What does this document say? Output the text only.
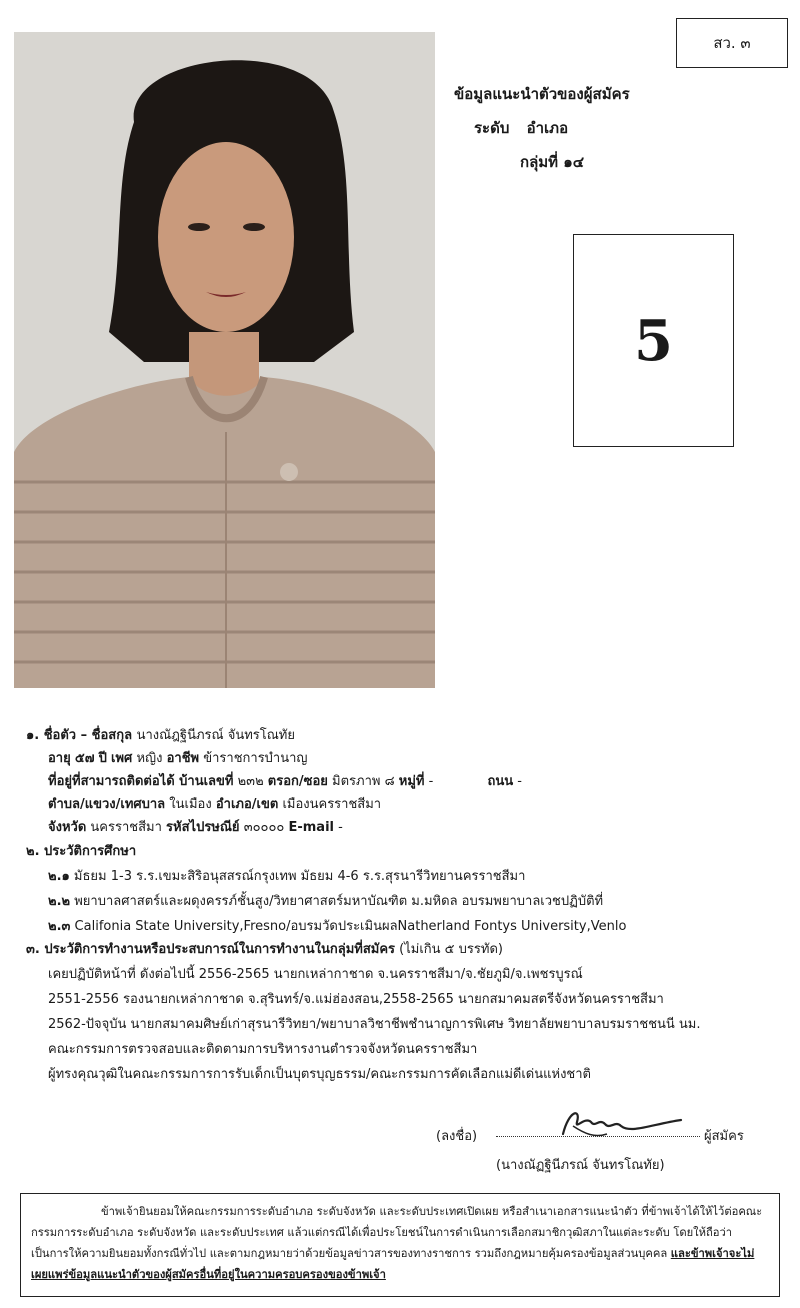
สว. ๓
ข้อมูลแนะนำตัวของผู้สมัคร
ระดับ อำเภอ
กลุ่มที่ ๑๔
5
๑. ชื่อตัว – ชื่อสกุล นางณัฎฐินีภรณ์ จันทรโณทัย
อายุ ๕๗ ปี เพศ หญิง อาชีพ ข้าราชการบำนาญ
ที่อยู่ที่สามารถติดต่อได้ บ้านเลขที่ ๒๓๒ ตรอก/ซอย มิตรภาพ ๘ หมู่ที่ -	ถนน -
ตำบล/แขวง/เทศบาล ในเมือง อำเภอ/เขต เมืองนครราชสีมา
จังหวัด นครราชสีมา รหัสไปรษณีย์ ๓๐๐๐๐ E-mail -
๒. ประวัติการศึกษา
๒.๑ มัธยม 1-3 ร.ร.เขมะสิริอนุสสรณ์กรุงเทพ มัธยม 4-6 ร.ร.สุรนารีวิทยานครราชสีมา
๒.๒ พยาบาลศาสตร์และผดุงครรภ์ชั้นสูง/วิทยาศาสตร์มหาบัณฑิต ม.มหิดล อบรมพยาบาลเวชปฏิบัติที่
๒.๓ Califonia State University,Fresno/อบรมวัดประเมินผลNatherland Fontys University,Venlo
๓. ประวัติการทำงานหรือประสบการณ์ในการทำงานในกลุ่มที่สมัคร (ไม่เกิน ๕ บรรทัด)
เคยปฏิบัติหน้าที่ ดังต่อไปนี้ 2556-2565 นายกเหล่ากาชาด จ.นครราชสีมา/จ.ชัยภูมิ/จ.เพชรบูรณ์
2551-2556 รองนายกเหล่ากาชาด จ.สุรินทร์/จ.แม่ฮ่องสอน,2558-2565 นายกสมาคมสตรีจังหวัดนครราชสีมา
2562-ปัจจุบัน นายกสมาคมศิษย์เก่าสุรนารีวิทยา/พยาบาลวิชาชีพชำนาญการพิเศษ วิทยาลัยพยาบาลบรมราชชนนี นม.
คณะกรรมการตรวจสอบและติดตามการบริหารงานตำรวจจังหวัดนครราชสีมา
ผู้ทรงคุณวุฒิในคณะกรรมการการรับเด็กเป็นบุตรบุญธรรม/คณะกรรมการคัดเลือกแม่ดีเด่นแห่งชาติ
(ลงชื่อ)	ผู้สมัคร
(นางณัฏฐินีภรณ์ จันทรโณทัย)

ข้าพเจ้ายินยอมให้คณะกรรมการระดับอำเภอ ระดับจังหวัด และระดับประเทศเปิดเผย หรือสำเนาเอกสารแนะนำตัว ที่ข้าพเจ้าได้ให้ไว้ต่อคณะกรรมการระดับอำเภอ ระดับจังหวัด และระดับประเทศ แล้วแต่กรณีได้เพื่อประโยชน์ในการดำเนินการเลือกสมาชิกวุฒิสภาในแต่ละระดับ โดยให้ถือว่าเป็นการให้ความยินยอมทั้งกรณีทั่วไป และตามกฎหมายว่าด้วยข้อมูลข่าวสารของทางราชการ รวมถึงกฎหมายคุ้มครองข้อมูลส่วนบุคคล และข้าพเจ้าจะไม่เผยแพร่ข้อมูลแนะนำตัวของผู้สมัครอื่นที่อยู่ในความครอบครองของข้าพเจ้า
